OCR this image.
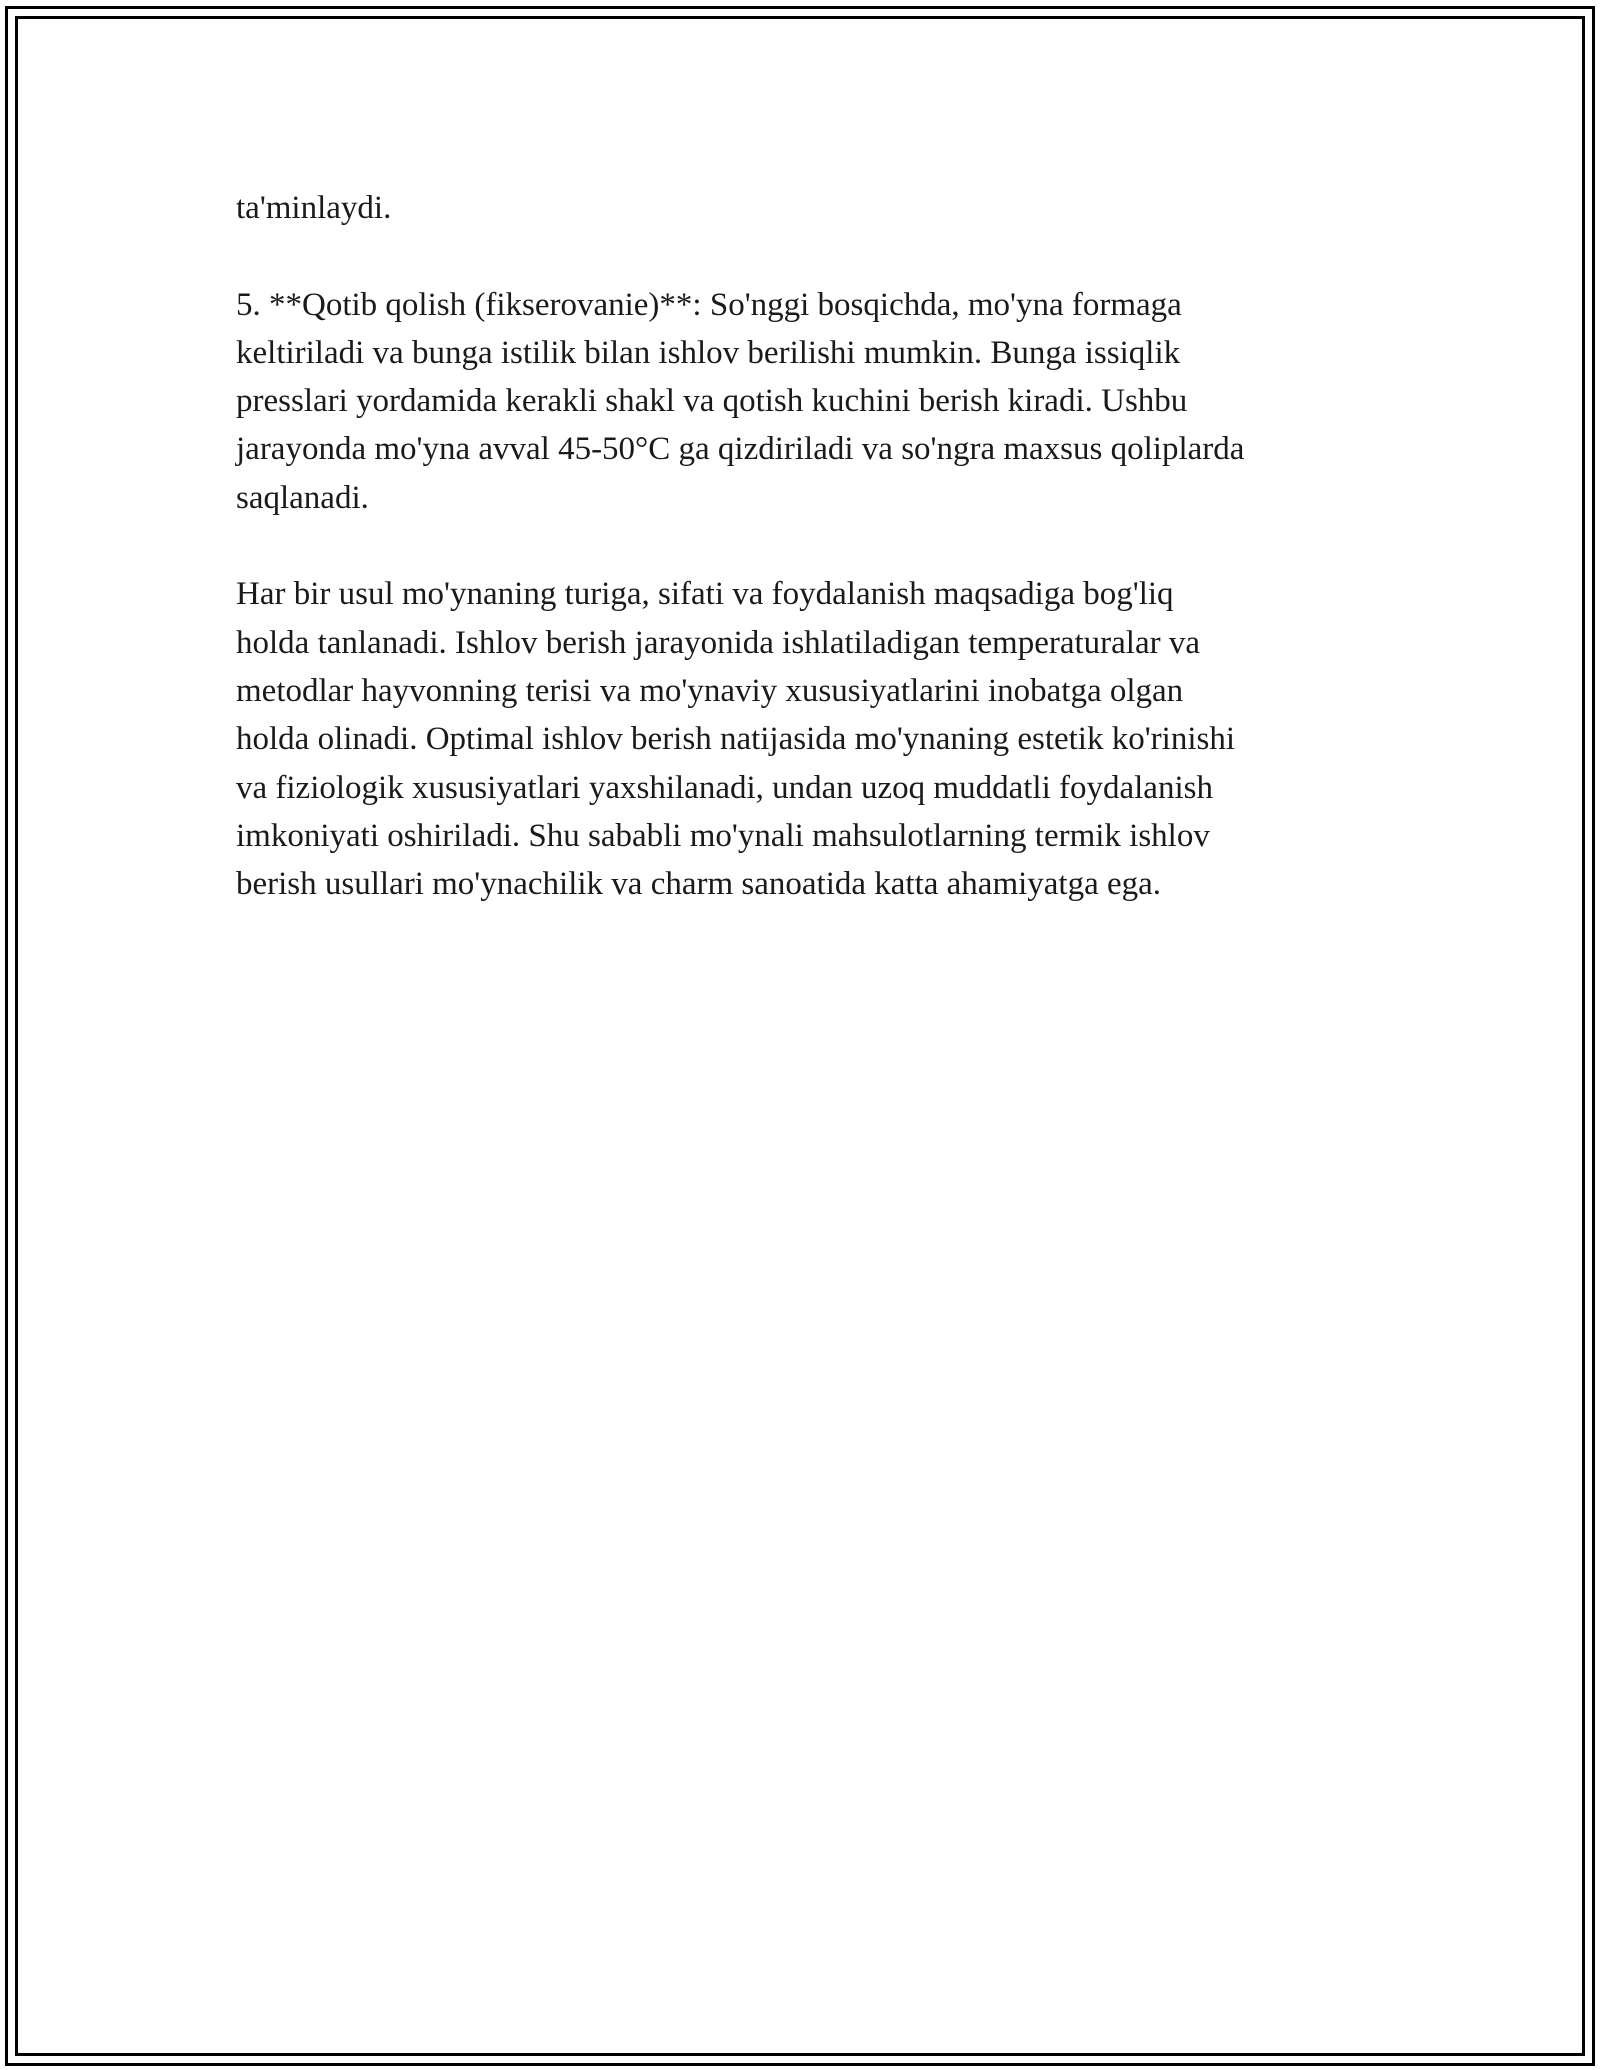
ta'minlaydi.

5. **Qotib qolish (fikserovanie)**: So'nggi bosqichda, mo'yna formaga
keltiriladi va bunga istilik bilan ishlov berilishi mumkin. Bunga issiqlik
presslari yordamida kerakli shakl va qotish kuchini berish kiradi. Ushbu
jarayonda mo'yna avval 45-50°C ga qizdiriladi va so'ngra maxsus qoliplarda
saqlanadi.

Har bir usul mo'ynaning turiga, sifati va foydalanish maqsadiga bog'liq
holda tanlanadi. Ishlov berish jarayonida ishlatiladigan temperaturalar va
metodlar hayvonning terisi va mo'ynaviy xususiyatlarini inobatga olgan
holda olinadi. Optimal ishlov berish natijasida mo'ynaning estetik ko'rinishi
va fiziologik xususiyatlari yaxshilanadi, undan uzoq muddatli foydalanish
imkoniyati oshiriladi. Shu sababli mo'ynali mahsulotlarning termik ishlov
berish usullari mo'ynachilik va charm sanoatida katta ahamiyatga ega.
